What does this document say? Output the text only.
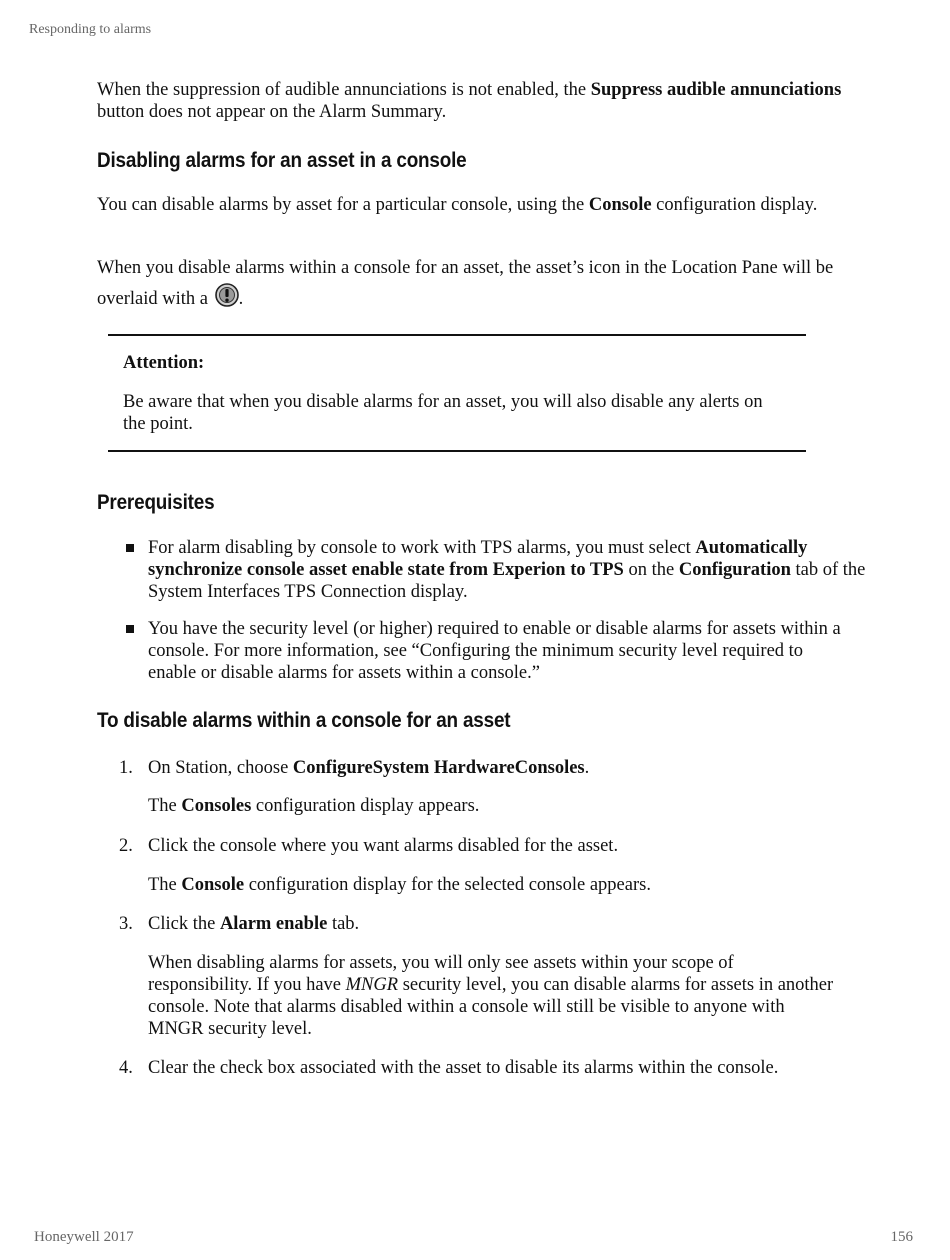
Responding to alarms

When the suppression of audible annunciations is not enabled, the Suppress audible annunciations button does not appear on the Alarm Summary.

Disabling alarms for an asset in a console

You can disable alarms by asset for a particular console, using the Console configuration display.

When you disable alarms within a console for an asset, the asset’s icon in the Location Pane will be overlaid with a .

Attention:

Be aware that when you disable alarms for an asset, you will also disable any alerts on the point.

Prerequisites

For alarm disabling by console to work with TPS alarms, you must select Automatically synchronize console asset enable state from Experion to TPS on the Configuration tab of the System Interfaces TPS Connection display.

You have the security level (or higher) required to enable or disable alarms for assets within a console. For more information, see “Configuring the minimum security level required to enable or disable alarms for assets within a console.”

To disable alarms within a console for an asset
1. On Station, choose ConfigureSystem HardwareConsoles.

The Consoles configuration display appears.

2. Click the console where you want alarms disabled for the asset.

The Console configuration display for the selected console appears.

3. Click the Alarm enable tab.

When disabling alarms for assets, you will only see assets within your scope of responsibility. If you have MNGR security level, you can disable alarms for assets in another console. Note that alarms disabled within a console will still be visible to anyone with MNGR security level.

4. Clear the check box associated with the asset to disable its alarms within the console.

Honeywell 2017	156
